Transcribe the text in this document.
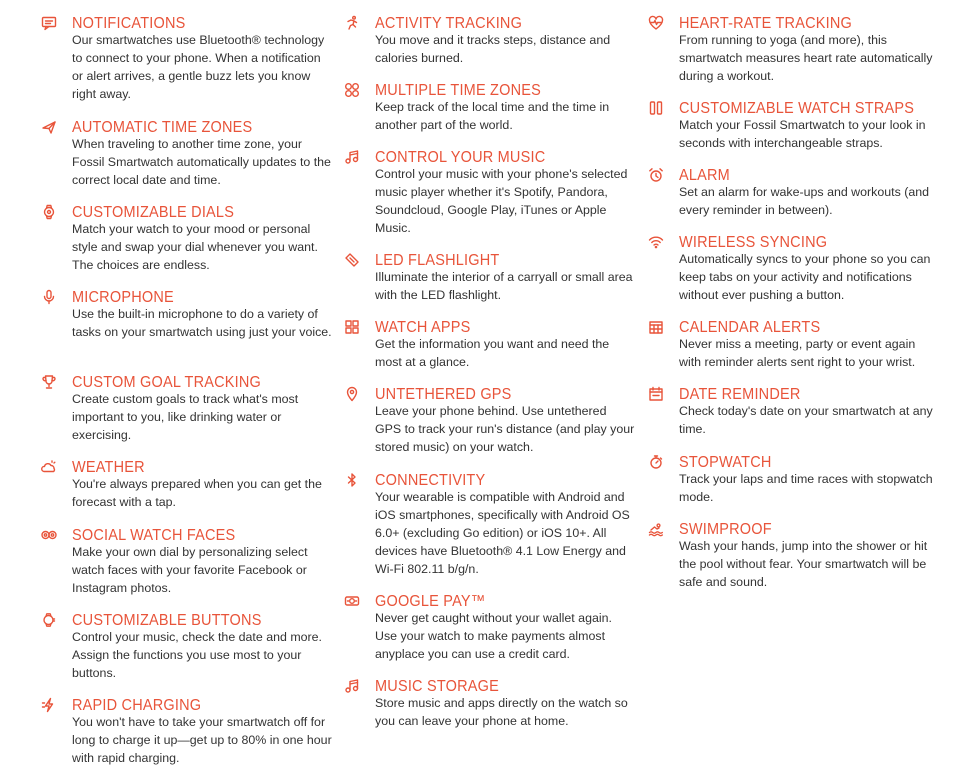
NOTIFICATIONS
Our smartwatches use Bluetooth® technology to connect to your phone. When a notification or alert arrives, a gentle buzz lets you know right away.
AUTOMATIC TIME ZONES
When traveling to another time zone, your Fossil Smartwatch automatically updates to the correct local date and time.
CUSTOMIZABLE DIALS
Match your watch to your mood or personal style and swap your dial whenever you want. The choices are endless.
MICROPHONE
Use the built-in microphone to do a variety of tasks on your smartwatch using just your voice.
CUSTOM GOAL TRACKING
Create custom goals to track what's most important to you, like drinking water or exercising.
WEATHER
You're always prepared when you can get the forecast with a tap.
SOCIAL WATCH FACES
Make your own dial by personalizing select watch faces with your favorite Facebook or Instagram photos.
CUSTOMIZABLE BUTTONS
Control your music, check the date and more. Assign the functions you use most to your buttons.
RAPID CHARGING
You won't have to take your smartwatch off for long to charge it up—get up to 80% in one hour with rapid charging.
ACTIVITY TRACKING
You move and it tracks steps, distance and calories burned.
MULTIPLE TIME ZONES
Keep track of the local time and the time in another part of the world.
CONTROL YOUR MUSIC
Control your music with your phone's selected music player whether it's Spotify, Pandora, Soundcloud, Google Play, iTunes or Apple Music.
LED FLASHLIGHT
Illuminate the interior of a carryall or small area with the LED flashlight.
WATCH APPS
Get the information you want and need the most at a glance.
UNTETHERED GPS
Leave your phone behind. Use untethered GPS to track your run's distance (and play your stored music) on your watch.
CONNECTIVITY
Your wearable is compatible with Android and iOS smartphones, specifically with Android OS 6.0+ (excluding Go edition) or iOS 10+. All devices have Bluetooth® 4.1 Low Energy and Wi-Fi 802.11 b/g/n.
GOOGLE PAY™
Never get caught without your wallet again. Use your watch to make payments almost anyplace you can use a credit card.
MUSIC STORAGE
Store music and apps directly on the watch so you can leave your phone at home.
HEART-RATE TRACKING
From running to yoga (and more), this smartwatch measures heart rate automatically during a workout.
CUSTOMIZABLE WATCH STRAPS
Match your Fossil Smartwatch to your look in seconds with interchangeable straps.
ALARM
Set an alarm for wake-ups and workouts (and every reminder in between).
WIRELESS SYNCING
Automatically syncs to your phone so you can keep tabs on your activity and notifications without ever pushing a button.
CALENDAR ALERTS
Never miss a meeting, party or event again with reminder alerts sent right to your wrist.
DATE REMINDER
Check today's date on your smartwatch at any time.
STOPWATCH
Track your laps and time races with stopwatch mode.
SWIMPROOF
Wash your hands, jump into the shower or hit the pool without fear. Your smartwatch will be safe and sound.
